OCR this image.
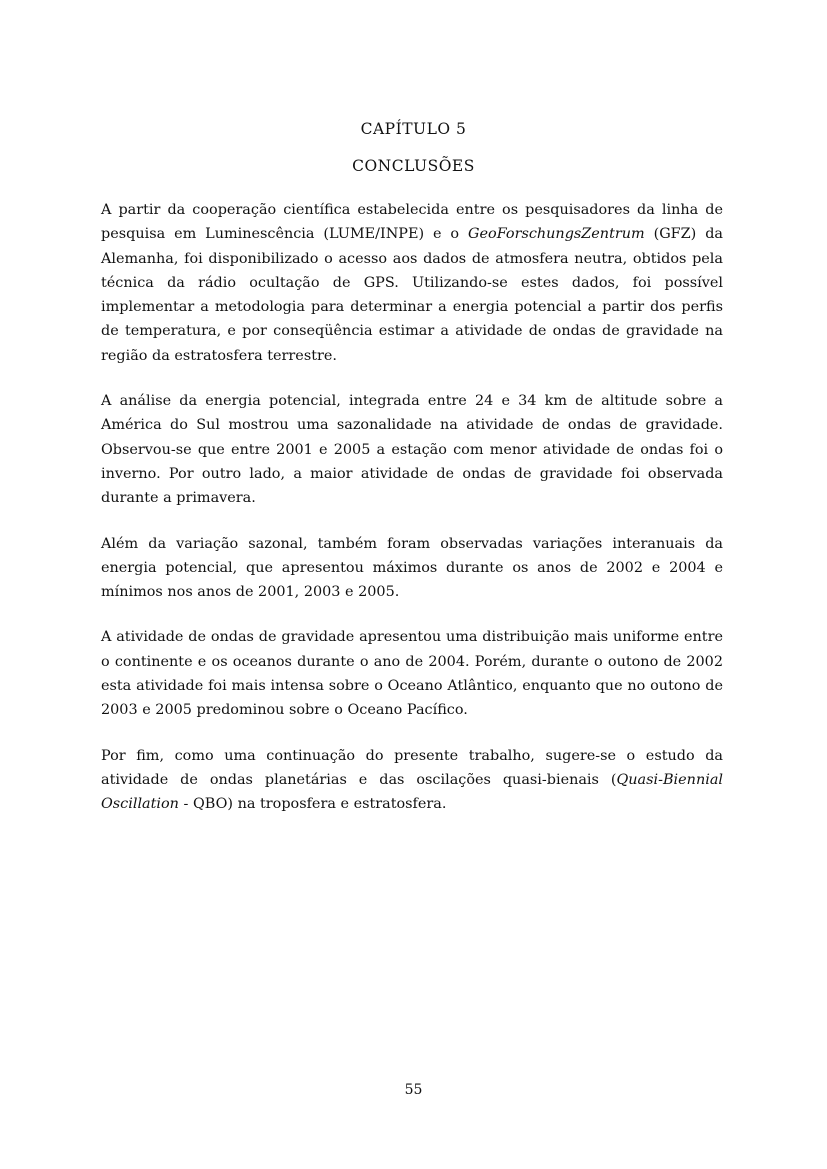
CAPÍTULO 5
CONCLUSÕES

A partir da cooperação científica estabelecida entre os pesquisadores da linha de pesquisa em Luminescência (LUME/INPE) e o GeoForschungsZentrum (GFZ) da Alemanha, foi disponibilizado o acesso aos dados de atmosfera neutra, obtidos pela técnica da rádio ocultação de GPS. Utilizando-se estes dados, foi possível implementar a metodologia para determinar a energia potencial a partir dos perfis de temperatura, e por conseqüência estimar a atividade de ondas de gravidade na região da estratosfera terrestre.

A análise da energia potencial, integrada entre 24 e 34 km de altitude sobre a América do Sul mostrou uma sazonalidade na atividade de ondas de gravidade. Observou-se que entre 2001 e 2005 a estação com menor atividade de ondas foi o inverno. Por outro lado, a maior atividade de ondas de gravidade foi observada durante a primavera.

Além da variação sazonal, também foram observadas variações interanuais da energia potencial, que apresentou máximos durante os anos de 2002 e 2004 e mínimos nos anos de 2001, 2003 e 2005.

A atividade de ondas de gravidade apresentou uma distribuição mais uniforme entre o continente e os oceanos durante o ano de 2004. Porém, durante o outono de 2002 esta atividade foi mais intensa sobre o Oceano Atlântico, enquanto que no outono de 2003 e 2005 predominou sobre o Oceano Pacífico.

Por fim, como uma continuação do presente trabalho, sugere-se o estudo da atividade de ondas planetárias e das oscilações quasi-bienais (Quasi-Biennial Oscillation - QBO) na troposfera e estratosfera.

55
